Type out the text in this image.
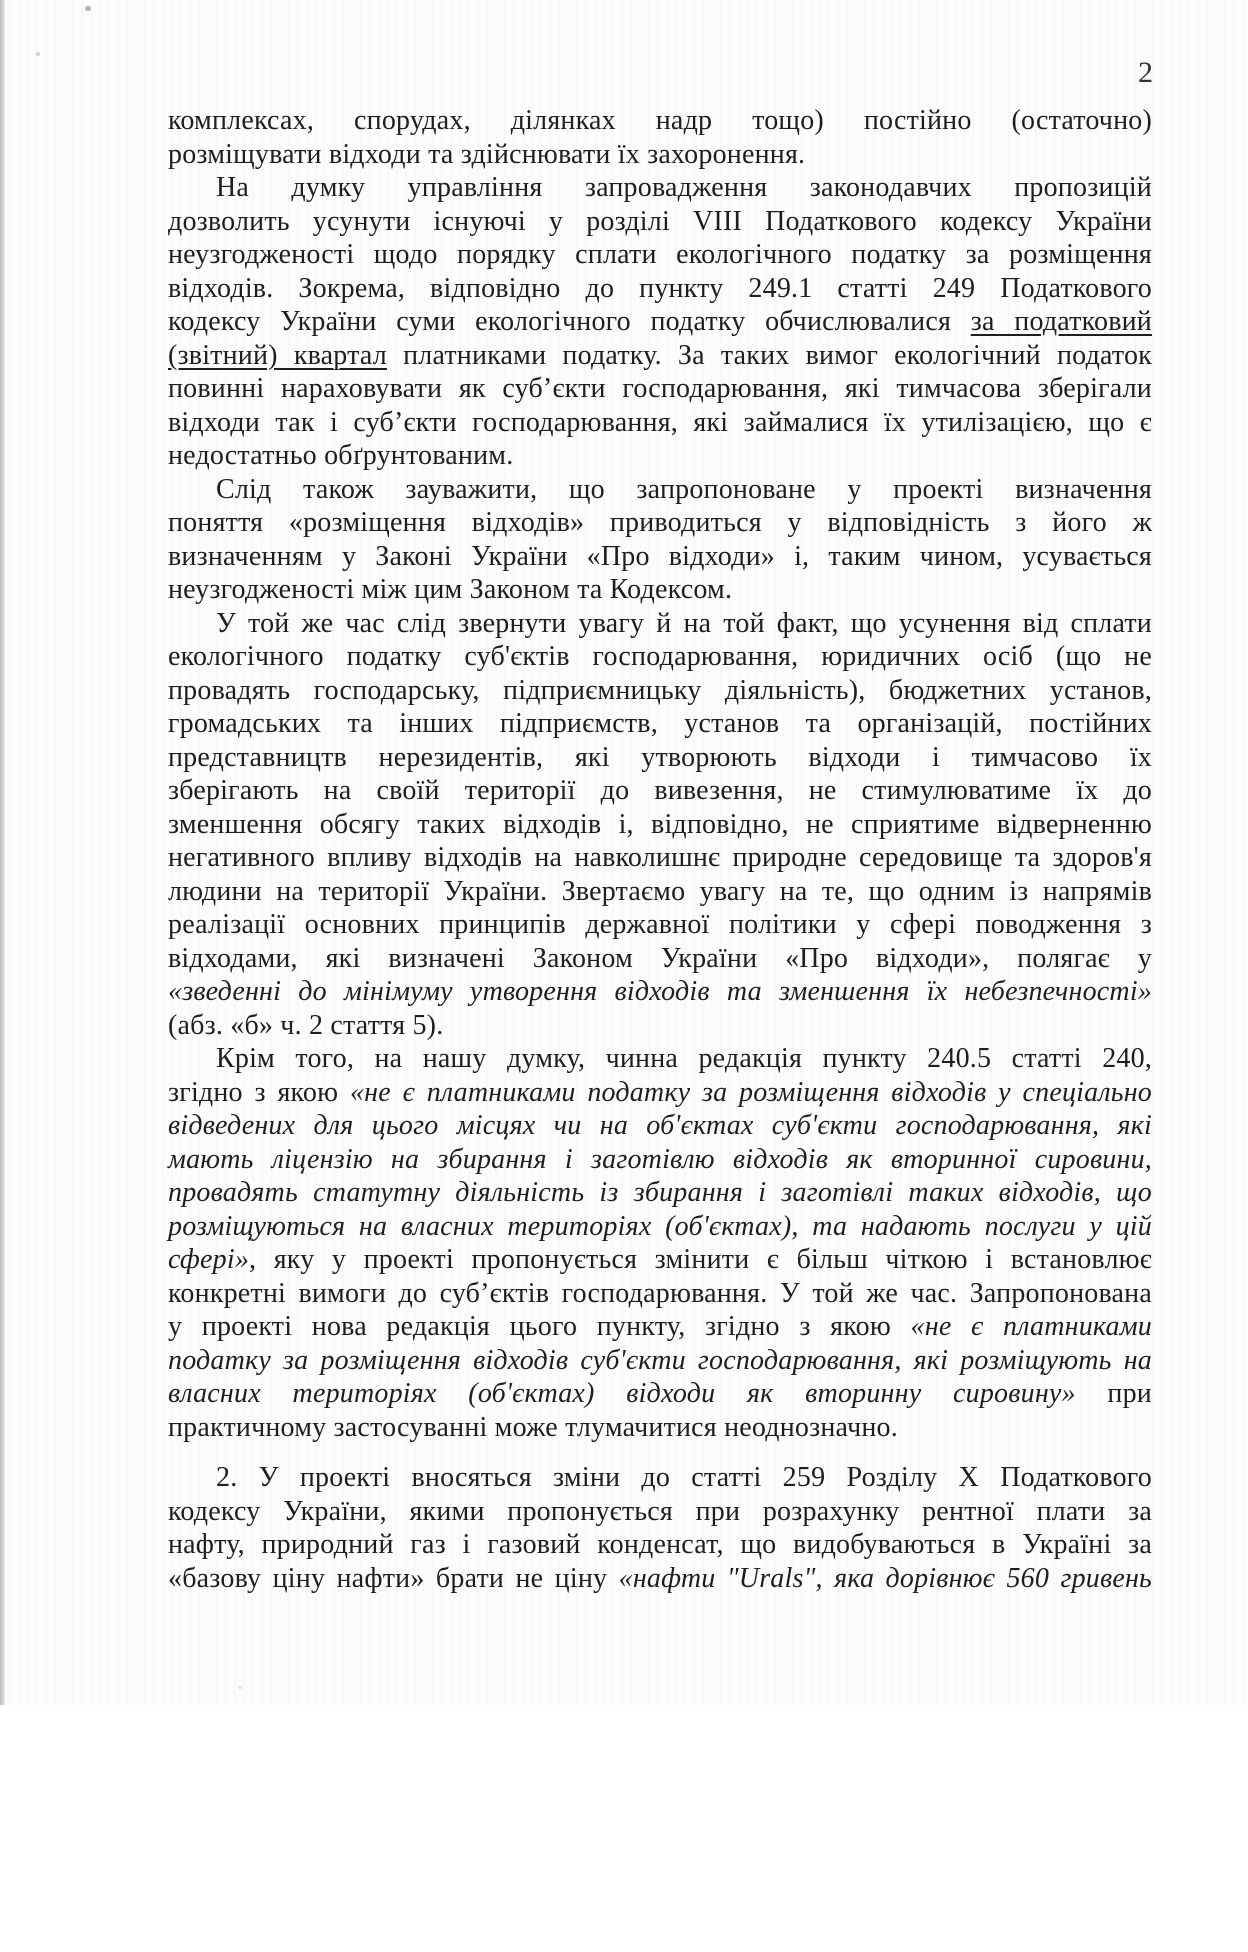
2
комплексах, спорудах, ділянках надр тощо) постійно (остаточно)
розміщувати відходи та здійснювати їх захоронення.
На думку управління запровадження законодавчих пропозицій
дозволить усунути існуючі у розділі VIII Податкового кодексу України
неузгодженості щодо порядку сплати екологічного податку за розміщення
відходів. Зокрема, відповідно до пункту 249.1 статті 249 Податкового
кодексу України суми екологічного податку обчислювалися за податковий
(звітний) квартал платниками податку. За таких вимог екологічний податок
повинні нараховувати як суб’єкти господарювання, які тимчасова зберігали
відходи так і суб’єкти господарювання, які займалися їх утилізацією, що є
недостатньо обґрунтованим.
Слід також зауважити, що запропоноване у проекті визначення
поняття «розміщення відходів» приводиться у відповідність з його ж
визначенням у Законі України «Про відходи» і, таким чином, усувається
неузгодженості між цим Законом та Кодексом.
У той же час слід звернути увагу й на той факт, що усунення від сплати
екологічного податку суб'єктів господарювання, юридичних осіб (що не
провадять господарську, підприємницьку діяльність), бюджетних установ,
громадських та інших підприємств, установ та організацій, постійних
представництв нерезидентів, які утворюють відходи і тимчасово їх
зберігають на своїй території до вивезення, не стимулюватиме їх до
зменшення обсягу таких відходів і, відповідно, не сприятиме відверненню
негативного впливу відходів на навколишнє природне середовище та здоров'я
людини на території України. Звертаємо увагу на те, що одним із напрямів
реалізації основних принципів державної політики у сфері поводження з
відходами, які визначені Законом України «Про відходи», полягає у
«зведенні до мінімуму утворення відходів та зменшення їх небезпечності»
(абз. «б» ч. 2 стаття 5).
Крім того, на нашу думку, чинна редакція пункту 240.5 статті 240,
згідно з якою «не є платниками податку за розміщення відходів у спеціально
відведених для цього місцях чи на об'єктах суб'єкти господарювання, які
мають ліцензію на збирання і заготівлю відходів як вторинної сировини,
провадять статутну діяльність із збирання і заготівлі таких відходів, що
розміщуються на власних територіях (об'єктах), та надають послуги у цій
сфері», яку у проекті пропонується змінити є більш чіткою і встановлює
конкретні вимоги до суб’єктів господарювання. У той же час. Запропонована
у проекті нова редакція цього пункту, згідно з якою «не є платниками
податку за розміщення відходів суб'єкти господарювання, які розміщують на
власних територіях (об'єктах) відходи як вторинну сировину» при
практичному застосуванні може тлумачитися неоднозначно.
2. У проекті вносяться зміни до статті 259 Розділу Х Податкового
кодексу України, якими пропонується при розрахунку рентної плати за
нафту, природний газ і газовий конденсат, що видобуваються в Україні за
«базову ціну нафти» брати не ціну «нафти "Urals", яка дорівнює 560 гривень
